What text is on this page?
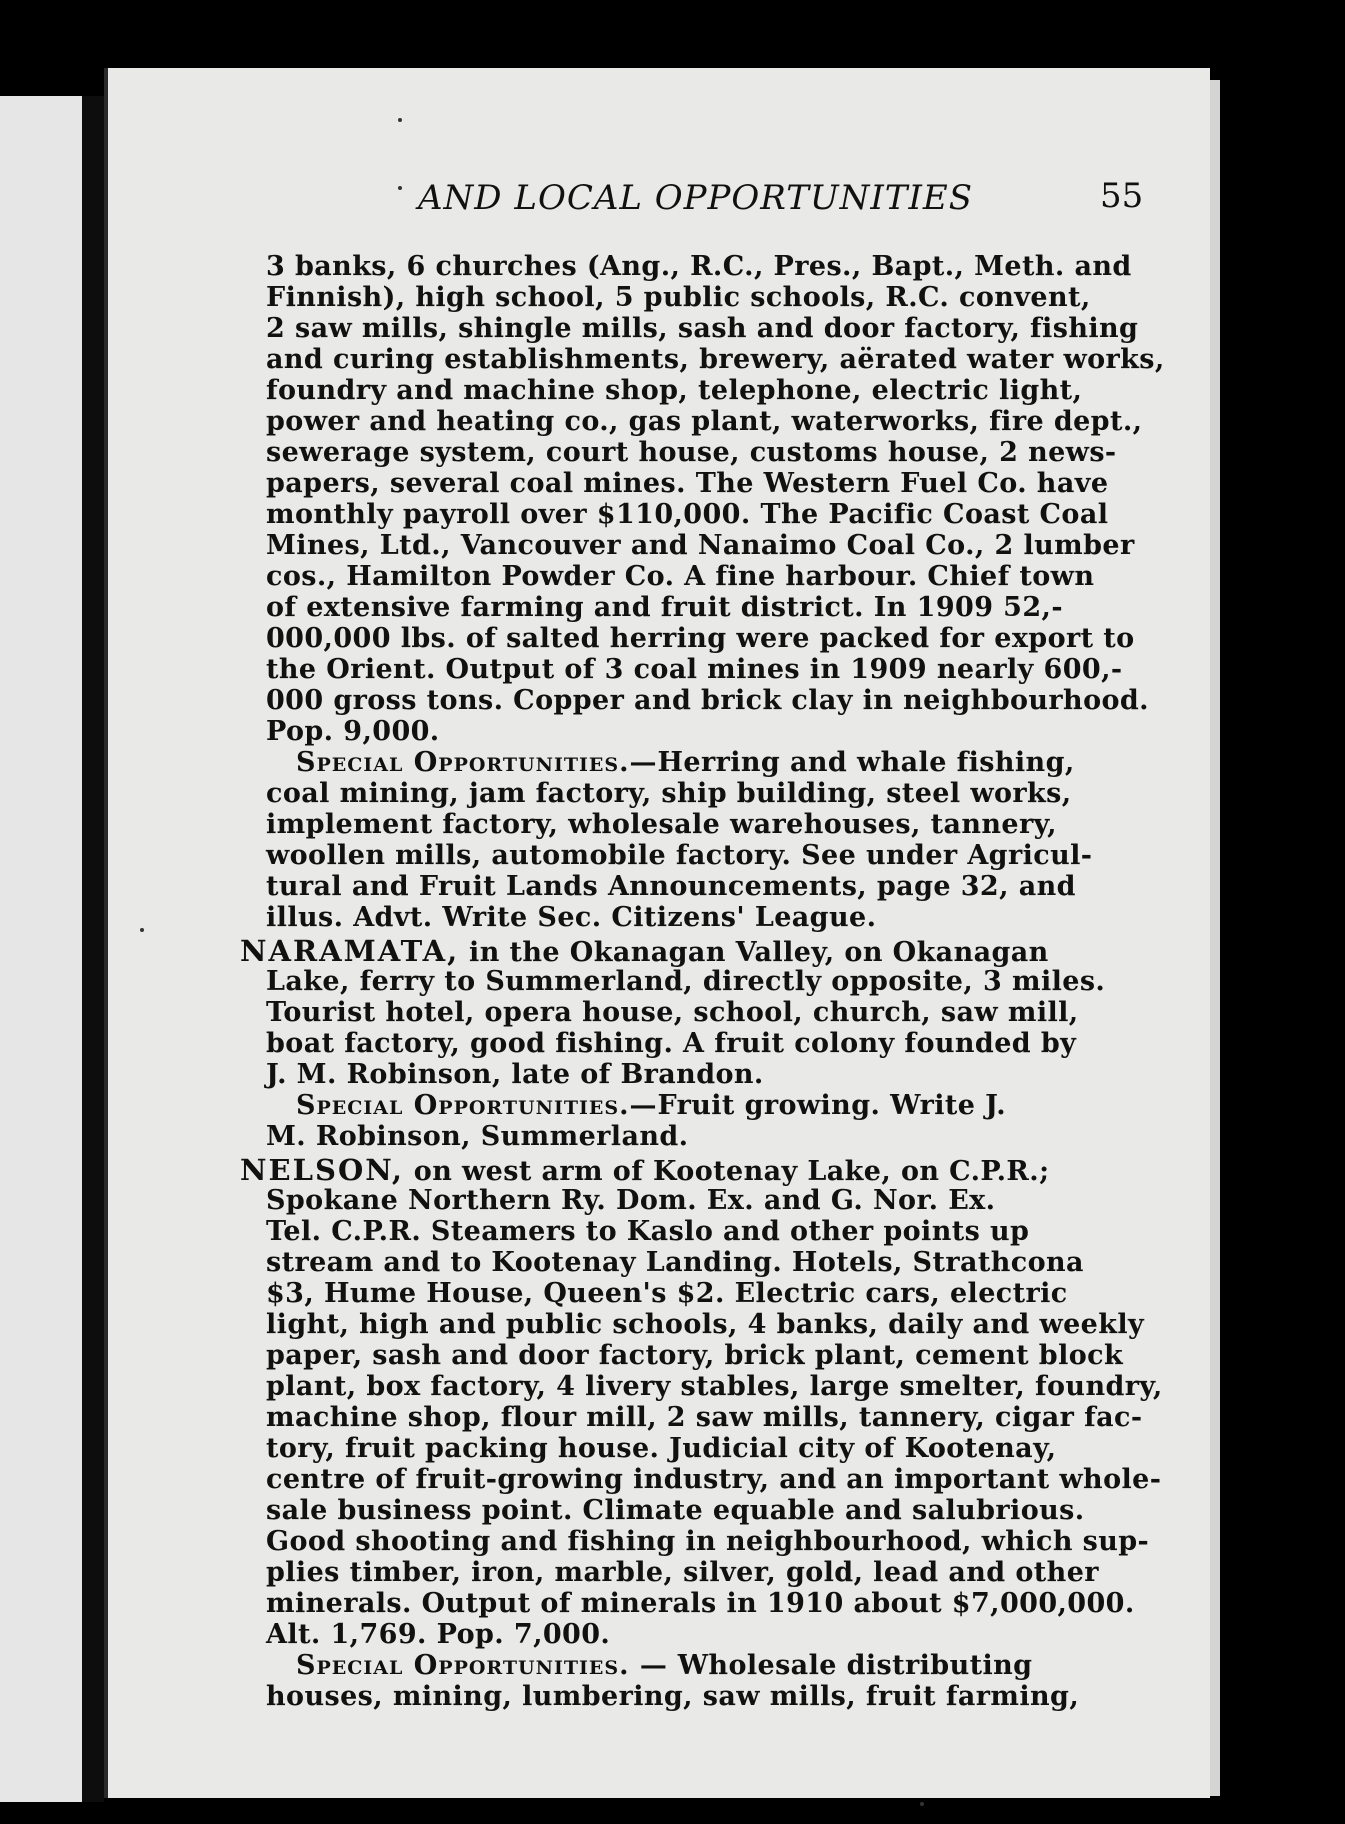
AND LOCAL OPPORTUNITIES	55
3 banks, 6 churches (Ang., R.C., Pres., Bapt., Meth. and
Finnish), high school, 5 public schools, R.C. convent,
2 saw mills, shingle mills, sash and door factory, fishing
and curing establishments, brewery, aërated water works,
foundry and machine shop, telephone, electric light,
power and heating co., gas plant, waterworks, fire dept.,
sewerage system, court house, customs house, 2 news-
papers, several coal mines. The Western Fuel Co. have
monthly payroll over $110,000. The Pacific Coast Coal
Mines, Ltd., Vancouver and Nanaimo Coal Co., 2 lumber
cos., Hamilton Powder Co. A fine harbour. Chief town
of extensive farming and fruit district. In 1909 52,-
000,000 lbs. of salted herring were packed for export to
the Orient. Output of 3 coal mines in 1909 nearly 600,-
000 gross tons. Copper and brick clay in neighbourhood.
Pop. 9,000.
Special Opportunities.—Herring and whale fishing,
coal mining, jam factory, ship building, steel works,
implement factory, wholesale warehouses, tannery,
woollen mills, automobile factory. See under Agricul-
tural and Fruit Lands Announcements, page 32, and
illus. Advt. Write Sec. Citizens' League.
NARAMATA, in the Okanagan Valley, on Okanagan
Lake, ferry to Summerland, directly opposite, 3 miles.
Tourist hotel, opera house, school, church, saw mill,
boat factory, good fishing. A fruit colony founded by
J. M. Robinson, late of Brandon.
Special Opportunities.—Fruit growing. Write J.
M. Robinson, Summerland.
NELSON, on west arm of Kootenay Lake, on C.P.R.;
Spokane Northern Ry. Dom. Ex. and G. Nor. Ex.
Tel. C.P.R. Steamers to Kaslo and other points up
stream and to Kootenay Landing. Hotels, Strathcona
$3, Hume House, Queen's $2. Electric cars, electric
light, high and public schools, 4 banks, daily and weekly
paper, sash and door factory, brick plant, cement block
plant, box factory, 4 livery stables, large smelter, foundry,
machine shop, flour mill, 2 saw mills, tannery, cigar fac-
tory, fruit packing house. Judicial city of Kootenay,
centre of fruit-growing industry, and an important whole-
sale business point. Climate equable and salubrious.
Good shooting and fishing in neighbourhood, which sup-
plies timber, iron, marble, silver, gold, lead and other
minerals. Output of minerals in 1910 about $7,000,000.
Alt. 1,769. Pop. 7,000.
Special Opportunities. — Wholesale distributing
houses, mining, lumbering, saw mills, fruit farming,
